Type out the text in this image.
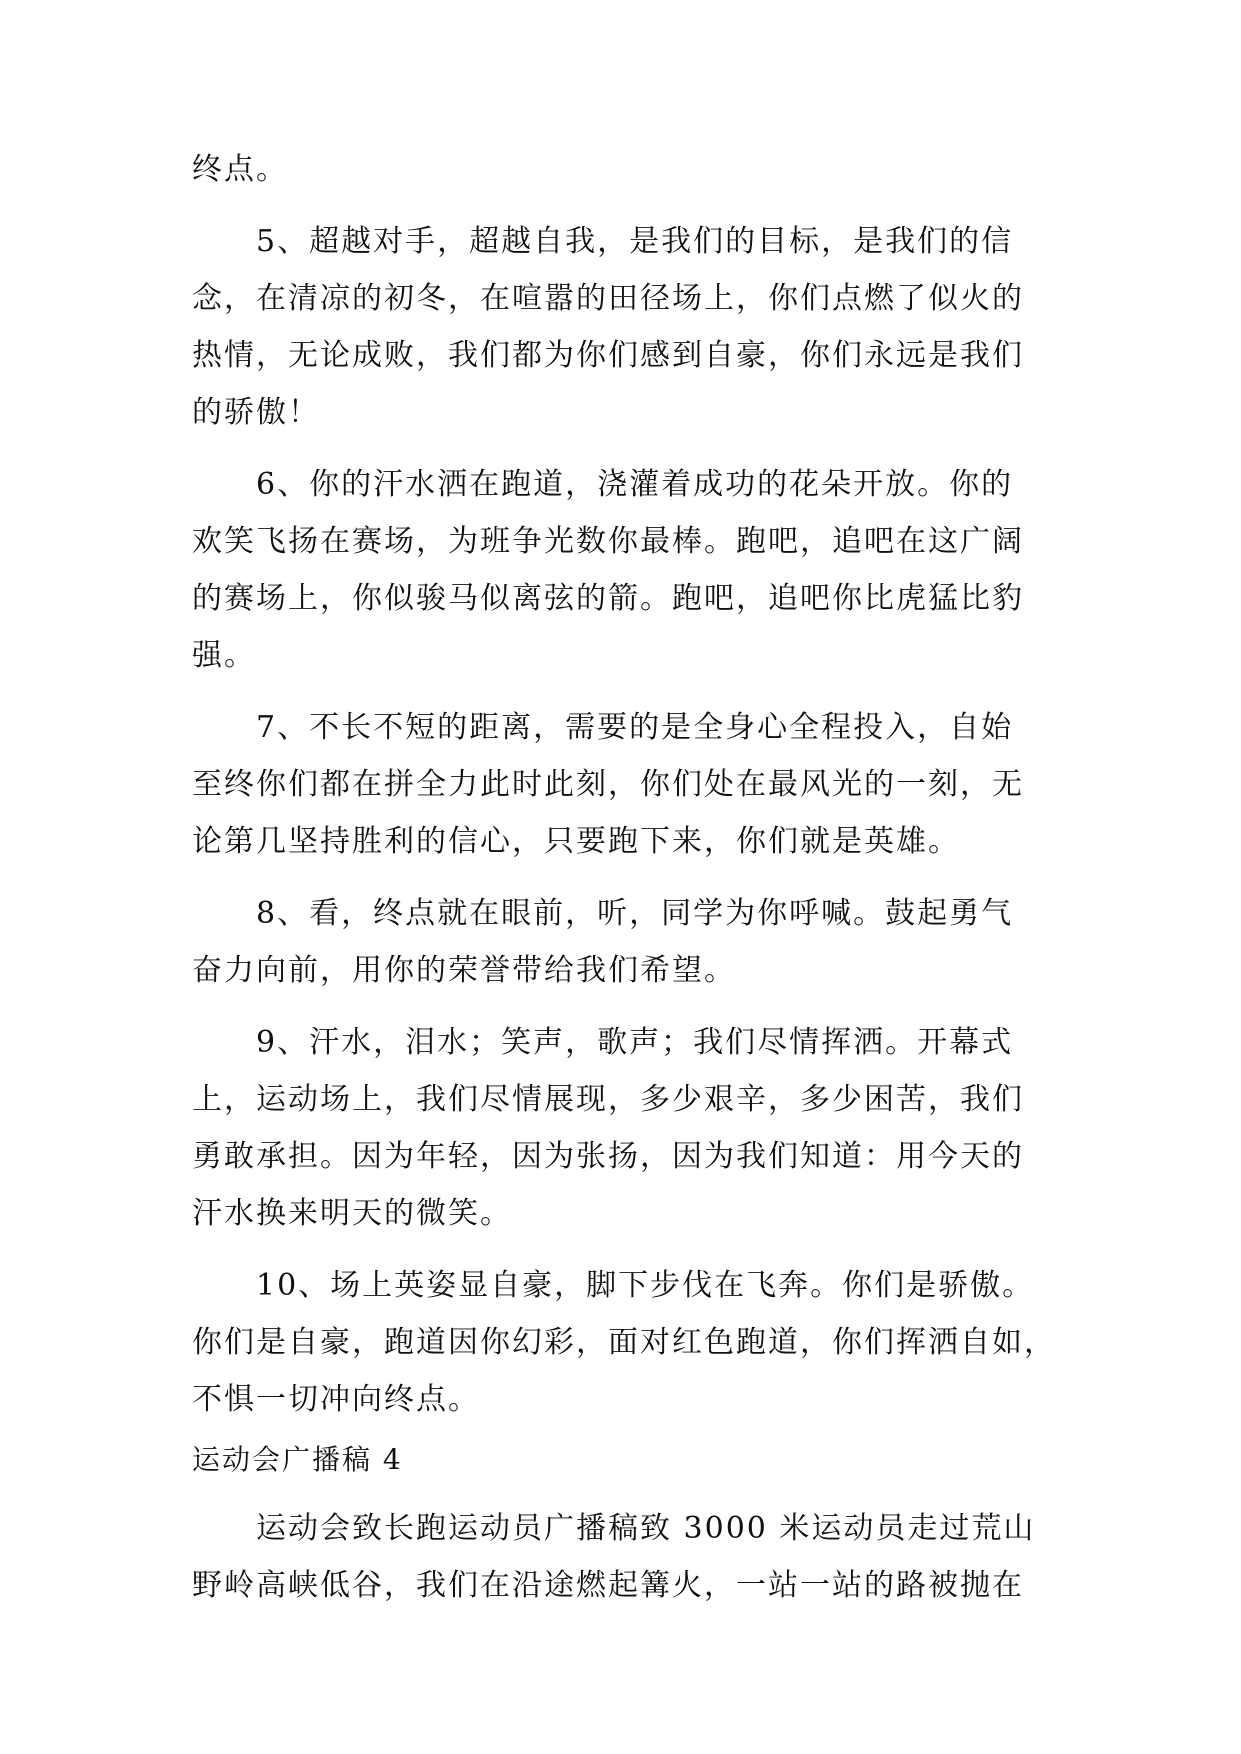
终点。
5、超越对手，超越自我，是我们的目标，是我们的信
念，在清凉的初冬，在喧嚣的田径场上，你们点燃了似火的
热情，无论成败，我们都为你们感到自豪，你们永远是我们
的骄傲！
6、你的汗水洒在跑道，浇灌着成功的花朵开放。你的
欢笑飞扬在赛场，为班争光数你最棒。跑吧，追吧在这广阔
的赛场上，你似骏马似离弦的箭。跑吧，追吧你比虎猛比豹
强。
7、不长不短的距离，需要的是全身心全程投入，自始
至终你们都在拼全力此时此刻，你们处在最风光的一刻，无
论第几坚持胜利的信心，只要跑下来，你们就是英雄。
8、看，终点就在眼前，听，同学为你呼喊。鼓起勇气
奋力向前，用你的荣誉带给我们希望。
9、汗水，泪水；笑声，歌声；我们尽情挥洒。开幕式
上，运动场上，我们尽情展现，多少艰辛，多少困苦，我们
勇敢承担。因为年轻，因为张扬，因为我们知道：用今天的
汗水换来明天的微笑。
10、场上英姿显自豪，脚下步伐在飞奔。你们是骄傲。
你们是自豪，跑道因你幻彩，面对红色跑道，你们挥洒自如，
不惧一切冲向终点。
运动会广播稿 4
运动会致长跑运动员广播稿致 3000 米运动员走过荒山
野岭高峡低谷，我们在沿途燃起篝火，一站一站的路被抛在
